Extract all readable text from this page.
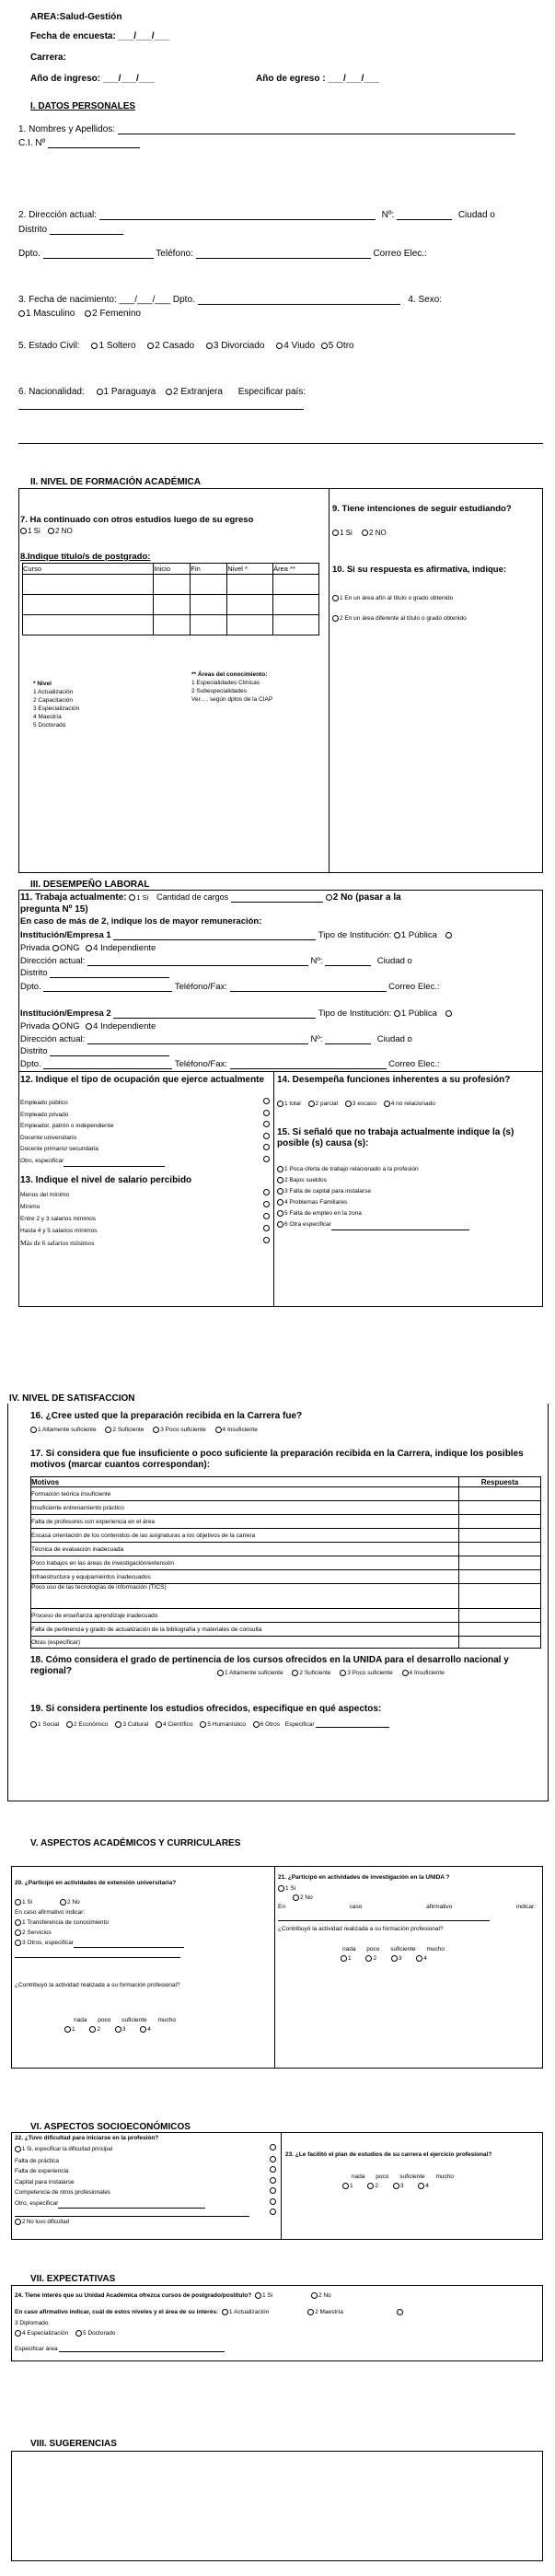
AREA:Salud-Gestión
Fecha de encuesta: ___/___/___
Carrera:
Año de ingreso: ___/___/___	Año de egreso : ___/___/___
I. DATOS PERSONALES
1. Nombres y Apellidos:
C.I. Nº
2. Dirección actual:	Nº:	Ciudad o
Distrito
Dpto.	Teléfono:	Correo Elec.:
3. Fecha de nacimiento: ___/___/___ Dpto.	4. Sexo:
1 Masculino 2 Femenino
5. Estado Civil: 1 Soltero 2 Casado 3 Divorciado 4 Viudo 5 Otro
6. Nacionalidad: 1 Paraguaya 2 Extranjera Especificar país:
II. NIVEL DE FORMACIÓN ACADÉMICA
7. Ha continuado con otros estudios luego de su egreso
1 Si 2 NO
8.Indique título/s de postgrado:
Curso	Inicio	Fin	Nivel *	Área **

* Nivel
1 Actualización
2 Capacitación
3 Especialización
4 Maestría
5 Doctorado
** Áreas del conocimiento:
1 Especialidades Clínicas
2 Subespecialidades
Ver…. según dptos de la CIAP
9. Tiene intenciones de seguir estudiando?
1 Si 2 NO
10. Si su respuesta es afirmativa, indique:
1 En un área afín al título o grado obtenido
2 En un área diferente al título o grado obtenido
III. DESEMPEÑO LABORAL
11. Trabaja actualmente: 1 Si Cantidad de cargos	2 No (pasar a la
pregunta Nº 15)
En caso de más de 2, indique los de mayor remuneración:
Institución/Empresa 1	Tipo de Institución: 1 Pública
Privada ONG 4 Independiente
Dirección actual:	Nº:	Ciudad o
Distrito
Dpto.	Teléfono/Fax:	Correo Elec.:
Institución/Empresa 2	Tipo de Institución: 1 Pública
Privada ONG 4 Independiente
Dirección actual:	Nº:	Ciudad o
Distrito
Dpto.	Teléfono/Fax:	Correo Elec.:
12. Indique el tipo de ocupación que ejerce actualmente
Empleado público
Empleado privado
Empleador, patrón o independiente
Docente universitario
Docente primario/ secundaria
Otro, especificar
13. Indique el nivel de salario percibido
Menos del mínimo
Mínimo
Entre 2 y 3 salarios mínimos
Hasta 4 y 5 salarios mínimos
Más de 6 salarios mínimos
14. Desempeña funciones inherentes a su profesión?
1 total 2 parcial 3 escaso 4 no relacionado
15. Si señaló que no trabaja actualmente indique la (s) posible (s) causa (s):
1 Poca oferta de trabajo relacionado a la profesión
2 Bajos sueldos
3 Falta de capital para instalarse
4 Problemas Familiares
5 Falta de empleo en la zona
6 Otra especificar
IV. NIVEL DE SATISFACCION
16. ¿Cree usted que la preparación recibida en la Carrera fue?
1 Altamente suficiente	2 Suficiente	3 Poco suficiente	4 Insuficiente
17. Si considera que fue insuficiente o poco suficiente la preparación recibida en la Carrera, indique los posibles motivos (marcar cuantos correspondan):
Motivos	Respuesta
Formación teórica insuficiente	
Insuficiente entrenamiento práctico	
Falta de profesores con experiencia en el área	
Escasa orientación de los contenidos de las asignaturas a los objetivos de la carrera	
Técnica de evaluación inadecuada	
Poco trabajos en las áreas de investigación/extensión	
Infraestructura y equipamientos inadecuados	
Poco uso de las tecnologías de información (TICS)	
Proceso de enseñanza aprendizaje inadecuado	
Falta de pertinencia y grado de actualización de la bibliografía y materiales de consulta	
Otras (especificar)	
18. Cómo considera el grado de pertinencia de los cursos ofrecidos en la UNIDA para el desarrollo nacional y regional?	1 Altamente suficiente	2 Suficiente	3 Poco suficiente	4 Insuficiente
19. Si considera pertinente los estudios ofrecidos, especifique en qué aspectos:
1 Social 2 Económico 3 Cultural 4 Científico 5 Humanístico 6 Otros Especificar
V. ASPECTOS ACADÉMICOS Y CURRICULARES
20. ¿Participó en actividades de extensión universitaria?
1 Si	2 No
En caso afirmativo indicar:
1 Transferencia de conocimiento
2 Servicios
3 Otros, especificar
¿Contribuyó la actividad realizada a su formación profesional?
nada poco suficiente mucho
1	2	3	4
21. ¿Participó en actividades de investigación en la UNIDA ?
1 Si
2 No
En caso afirmativo indicar:
¿Contribuyó la actividad realizada a su formación profesional?
nada poco suficiente mucho
1	2	3	4
VI. ASPECTOS SOCIOECONÓMICOS
22. ¿Tuvo dificultad para iniciarse en la profesión?
1 Si, especificar la dificultad principal
Falta de práctica
Falta de experiencia
Capital para instalarse
Competencia de otros profesionales
Otro, especificar
2 No tuvo dificultad
23. ¿Le facilitó el plan de estudios de su carrera el ejercicio profesional?
nada poco suficiente mucho
1	2	3	4
VII. EXPECTATIVAS
24. Tiene interés que su Unidad Académica ofrezca cursos de postgrado/postítulo? 1 Si	2 No
En caso afirmativo indicar, cuál de estos niveles y el área de su interés: 1 Actualización	2 Maestría
3 Diplomado
4 Especialización 5 Doctorado
Especificar área
VIII. SUGERENCIAS
